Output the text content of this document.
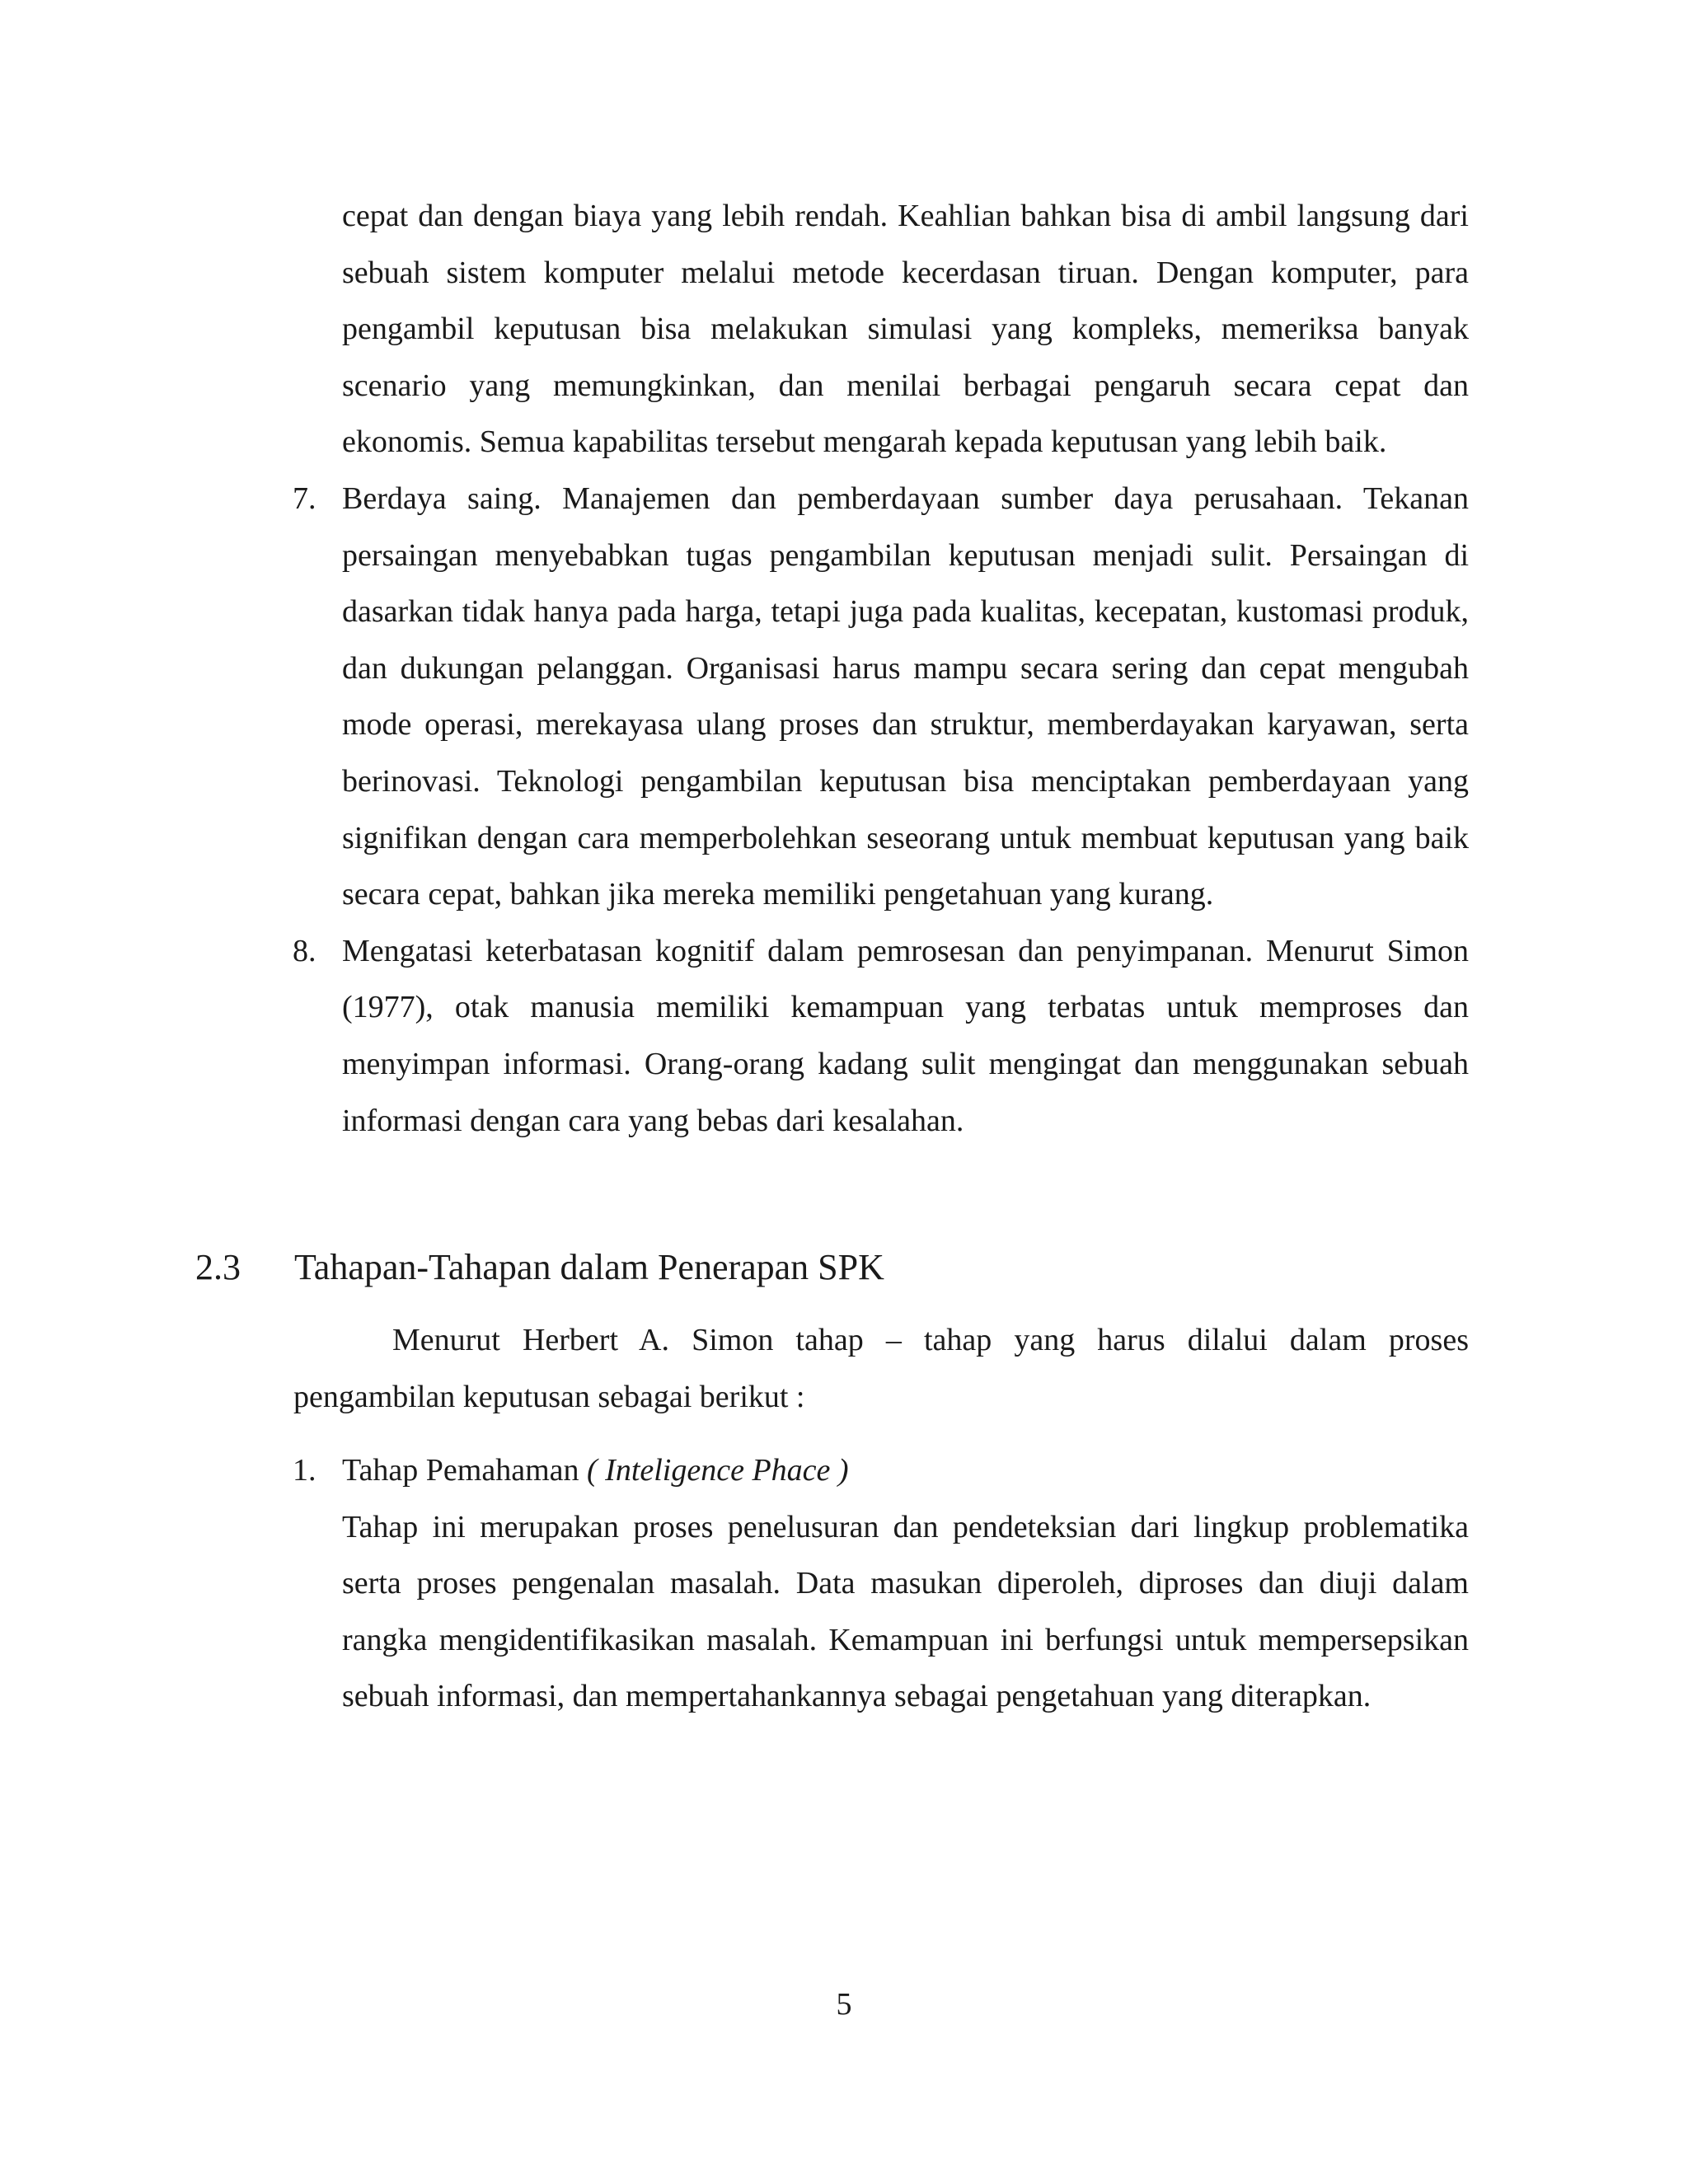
cepat dan dengan biaya yang lebih rendah. Keahlian bahkan bisa di ambil langsung dari sebuah sistem komputer melalui metode kecerdasan tiruan. Dengan komputer, para pengambil keputusan bisa melakukan simulasi yang kompleks, memeriksa banyak scenario yang memungkinkan, dan menilai berbagai pengaruh secara cepat dan ekonomis. Semua kapabilitas tersebut mengarah kepada keputusan yang lebih baik.
7. Berdaya saing. Manajemen dan pemberdayaan sumber daya perusahaan. Tekanan persaingan menyebabkan tugas pengambilan keputusan menjadi sulit. Persaingan di dasarkan tidak hanya pada harga, tetapi juga pada kualitas, kecepatan, kustomasi produk, dan dukungan pelanggan. Organisasi harus mampu secara sering dan cepat mengubah mode operasi, merekayasa ulang proses dan struktur, memberdayakan karyawan, serta berinovasi. Teknologi pengambilan keputusan bisa menciptakan pemberdayaan yang signifikan dengan cara memperbolehkan seseorang untuk membuat keputusan yang baik secara cepat, bahkan jika mereka memiliki pengetahuan yang kurang.
8. Mengatasi keterbatasan kognitif dalam pemrosesan dan penyimpanan. Menurut Simon (1977), otak manusia memiliki kemampuan yang terbatas untuk memproses dan menyimpan informasi. Orang-orang kadang sulit mengingat dan menggunakan sebuah informasi dengan cara yang bebas dari kesalahan.
2.3 Tahapan-Tahapan dalam Penerapan SPK
Menurut Herbert A. Simon tahap – tahap yang harus dilalui dalam proses pengambilan keputusan sebagai berikut :
1. Tahap Pemahaman ( Inteligence Phace )
Tahap ini merupakan proses penelusuran dan pendeteksian dari lingkup problematika serta proses pengenalan masalah. Data masukan diperoleh, diproses dan diuji dalam rangka mengidentifikasikan masalah. Kemampuan ini berfungsi untuk mempersepsikan sebuah informasi, dan mempertahankannya sebagai pengetahuan yang diterapkan.
5
